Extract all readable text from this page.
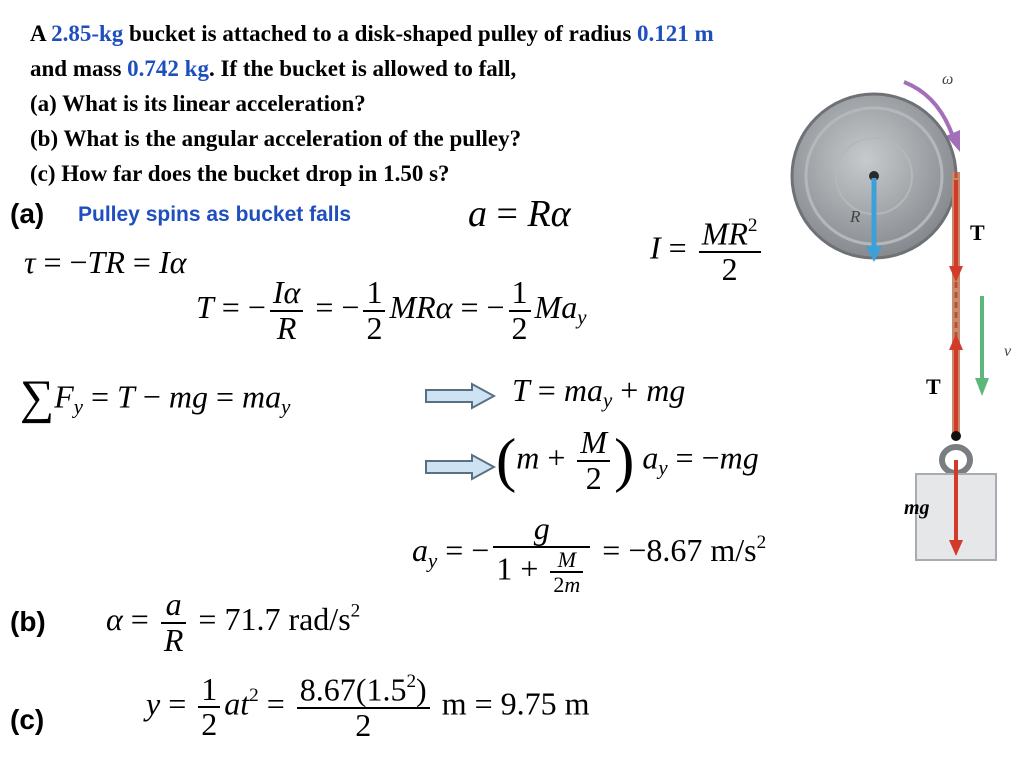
A 2.85-kg bucket is attached to a disk-shaped pulley of radius 0.121 m
and mass 0.742 kg. If the bucket is allowed to fall,
(a) What is its linear acceleration?
(b) What is the angular acceleration of the pulley?
(c) How far does the bucket drop in 1.50 s?
(a)
(b)
(c)
Pulley spins as bucket falls	a = Rα
τ = −TR = Iα	$I = \frac{MR^2}{2}$
T = − $\frac{I\alpha}{R}$ = − $\frac{1}{2}$ MRα = − $\frac{1}{2} Ma_y$
$\sum F_y = T$ − mg = $ma_y$	$T = ma_y$ + mg
($m + \frac{M}{2}$ ) $a_y = -mg$
$a_y$ = − $\frac{g}{1 + \frac{M}{2m}} = -8.67$ $m/s^2$
$\alpha = \frac{a}{R} = 71.7$ rad/$s^2$
$y = \frac{1}{2} at^2 = \frac{8.67(1.5^2)}{2}$ m = 9.75 m
ω
R
T
T
v
mg
